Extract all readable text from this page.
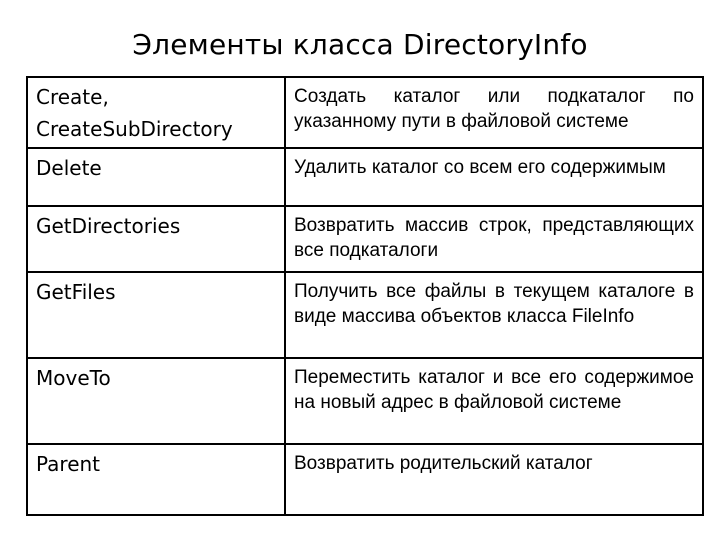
Элементы класса DirectoryInfo
Create,
CreateSubDirectory	Создать каталог или подкаталог по указанному пути в файловой системе

Delete	Удалить каталог со всем его содержимым

GetDirectories	Возвратить массив строк, представляющих все подкаталоги

GetFiles	Получить все файлы в текущем каталоге в виде массива объектов класса FileInfo

MoveTo	Переместить каталог и все его содержимое на новый адрес в файловой системе

Parent	Возвратить родительский каталог
